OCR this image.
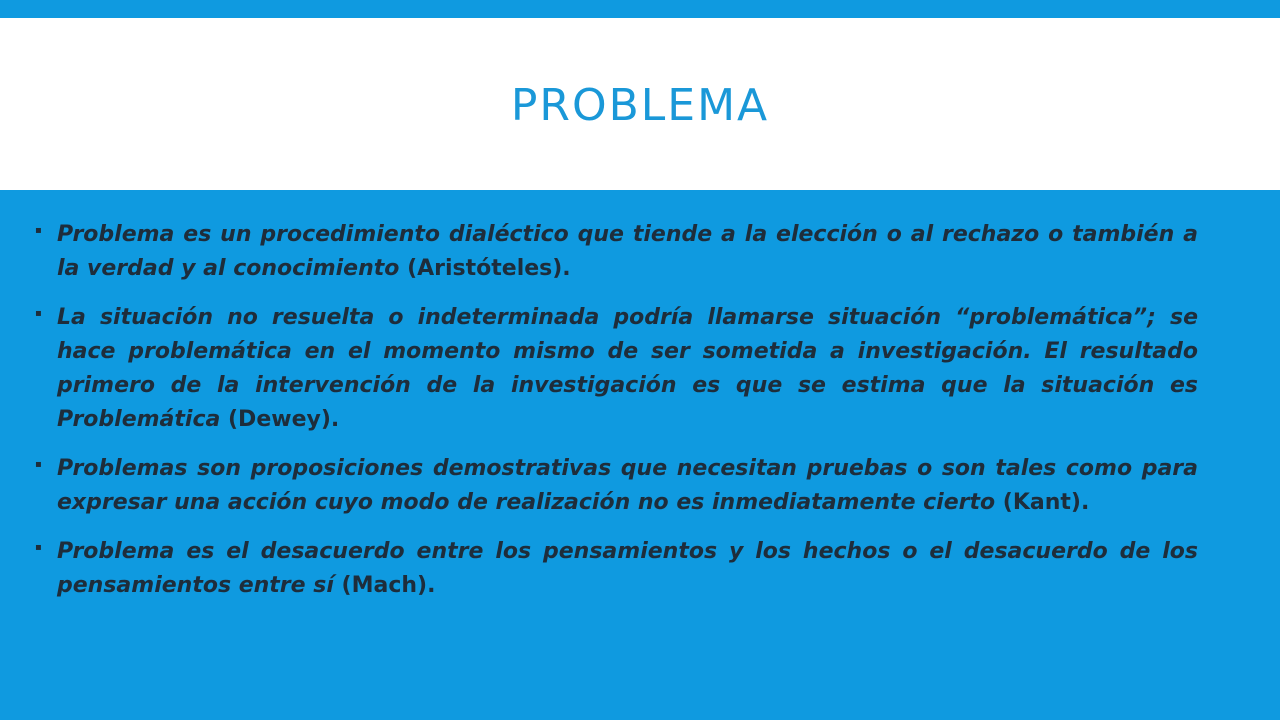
PROBLEMA
▪ Problema es un procedimiento dialéctico que tiende a la elección o al rechazo o también a la verdad y al conocimiento (Aristóteles).
▪ La situación no resuelta o indeterminada podría llamarse situación “problemática”; se hace problemática en el momento mismo de ser sometida a investigación. El resultado primero de la intervención de la investigación es que se estima que la situación es Problemática (Dewey).
▪ Problemas son proposiciones demostrativas que necesitan pruebas o son tales como para expresar una acción cuyo modo de realización no es inmediatamente cierto (Kant).
▪ Problema es el desacuerdo entre los pensamientos y los hechos o el desacuerdo de los pensamientos entre sí (Mach).
